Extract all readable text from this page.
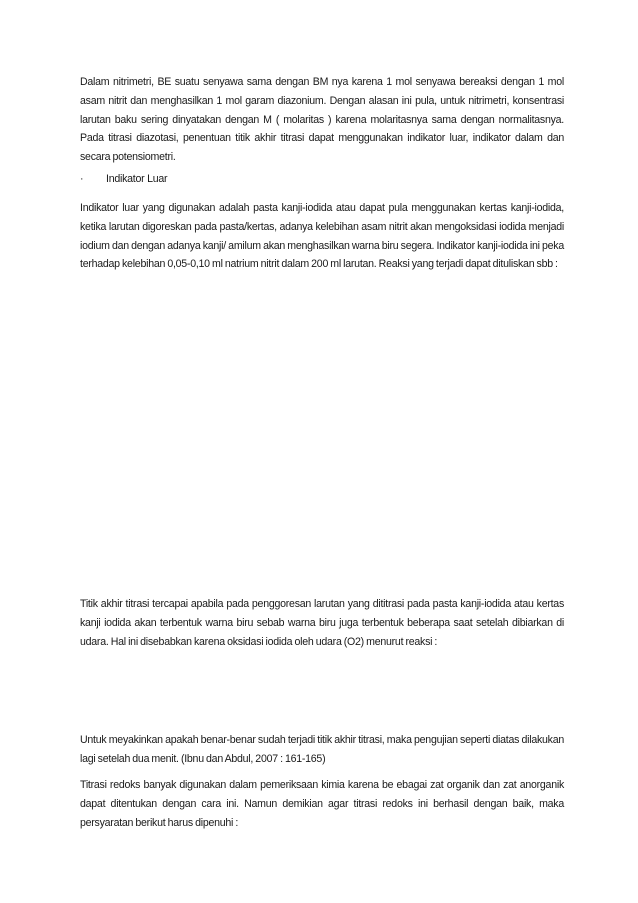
Dalam nitrimetri, BE suatu senyawa sama dengan BM nya karena 1 mol senyawa bereaksi dengan 1 mol asam nitrit dan menghasilkan 1 mol garam diazonium. Dengan alasan ini pula, untuk nitrimetri, konsentrasi larutan baku sering dinyatakan dengan M ( molaritas ) karena molaritasnya sama dengan normalitasnya. Pada titrasi diazotasi, penentuan titik akhir titrasi dapat menggunakan indikator luar, indikator dalam dan secara potensiometri.

· Indikator Luar

Indikator luar yang digunakan adalah pasta kanji-iodida atau dapat pula menggunakan kertas kanji-iodida, ketika larutan digoreskan pada pasta/kertas, adanya kelebihan asam nitrit akan mengoksidasi iodida menjadi iodium dan dengan adanya kanji/ amilum akan menghasilkan warna biru segera. Indikator kanji-iodida ini peka terhadap kelebihan 0,05-0,10 ml natrium nitrit dalam 200 ml larutan. Reaksi yang terjadi dapat dituliskan sbb :

Titik akhir titrasi tercapai apabila pada penggoresan larutan yang dititrasi pada pasta kanji-iodida atau kertas kanji iodida akan terbentuk warna biru sebab warna biru juga terbentuk beberapa saat setelah dibiarkan di udara. Hal ini disebabkan karena oksidasi iodida oleh udara (O2) menurut reaksi :

Untuk meyakinkan apakah benar-benar sudah terjadi titik akhir titrasi, maka pengujian seperti diatas dilakukan lagi setelah dua menit. (Ibnu dan Abdul, 2007 : 161-165)

Titrasi redoks banyak digunakan dalam pemeriksaan kimia karena be ebagai zat organik dan zat anorganik dapat ditentukan dengan cara ini. Namun demikian agar titrasi redoks ini berhasil dengan baik, maka persyaratan berikut harus dipenuhi :
